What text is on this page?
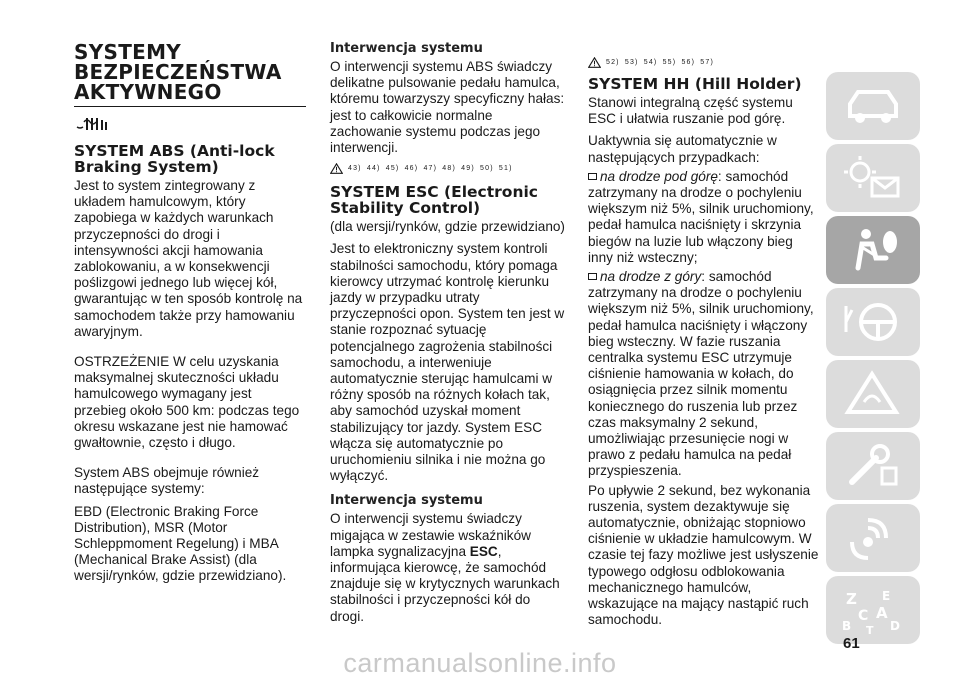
SYSTEMY
BEZPIECZEŃSTWA
AKTYWNEGO
SYSTEM ABS (Anti-lock Braking System)
Jest to system zintegrowany z układem hamulcowym, który zapobiega w każdych warunkach przyczepności do drogi i intensywności akcji hamowania zablokowaniu, a w konsekwencji poślizgowi jednego lub więcej kół, gwarantując w ten sposób kontrolę na samochodem także przy hamowaniu awaryjnym.
OSTRZEŻENIE W celu uzyskania maksymalnej skuteczności układu hamulcowego wymagany jest przebieg około 500 km: podczas tego okresu wskazane jest nie hamować gwałtownie, często i długo.
System ABS obejmuje również następujące systemy:
EBD (Electronic Braking Force Distribution), MSR (Motor Schleppmoment Regelung) i MBA (Mechanical Brake Assist) (dla wersji/rynków, gdzie przewidziano).
Interwencja systemu
O interwencji systemu ABS świadczy delikatne pulsowanie pedału hamulca, któremu towarzyszy specyficzny hałas: jest to całkowicie normalne zachowanie systemu podczas jego interwencji.
43) 44) 45) 46) 47) 48) 49) 50) 51)
SYSTEM ESC (Electronic Stability Control)
(dla wersji/rynków, gdzie przewidziano)
Jest to elektroniczny system kontroli stabilności samochodu, który pomaga kierowcy utrzymać kontrolę kierunku jazdy w przypadku utraty przyczepności opon. System ten jest w stanie rozpoznać sytuację potencjalnego zagrożenia stabilności samochodu, a interweniuje automatycznie sterując hamulcami w różny sposób na różnych kołach tak, aby samochód uzyskał moment stabilizujący tor jazdy. System ESC włącza się automatycznie po uruchomieniu silnika i nie można go wyłączyć.
Interwencja systemu
O interwencji systemu świadczy migająca w zestawie wskaźników lampka sygnalizacyjna ESC, informująca kierowcę, że samochód znajduje się w krytycznych warunkach stabilności i przyczepności kół do drogi.
52) 53) 54) 55) 56) 57)
SYSTEM HH (Hill Holder)
Stanowi integralną część systemu ESC i ułatwia ruszanie pod górę.
Uaktywnia się automatycznie w następujących przypadkach:
na drodze pod górę: samochód zatrzymany na drodze o pochyleniu większym niż 5%, silnik uruchomiony, pedał hamulca naciśnięty i skrzynia biegów na luzie lub włączony bieg inny niż wsteczny;
na drodze z góry: samochód zatrzymany na drodze o pochyleniu większym niż 5%, silnik uruchomiony, pedał hamulca naciśnięty i włączony bieg wsteczny. W fazie ruszania centralka systemu ESC utrzymuje ciśnienie hamowania w kołach, do osiągnięcia przez silnik momentu koniecznego do ruszenia lub przez czas maksymalny 2 sekund, umożliwiając przesunięcie nogi w prawo z pedału hamulca na pedał przyspieszenia.
Po upływie 2 sekund, bez wykonania ruszenia, system dezaktywuje się automatycznie, obniżając stopniowo ciśnienie w układzie hamulcowym. W czasie tej fazy możliwe jest usłyszenie typowego odgłosu odblokowania mechanicznego hamulców, wskazujące na mający nastąpić ruch samochodu.
Z E
C A
B	D
T
61
carmanualsonline.info
